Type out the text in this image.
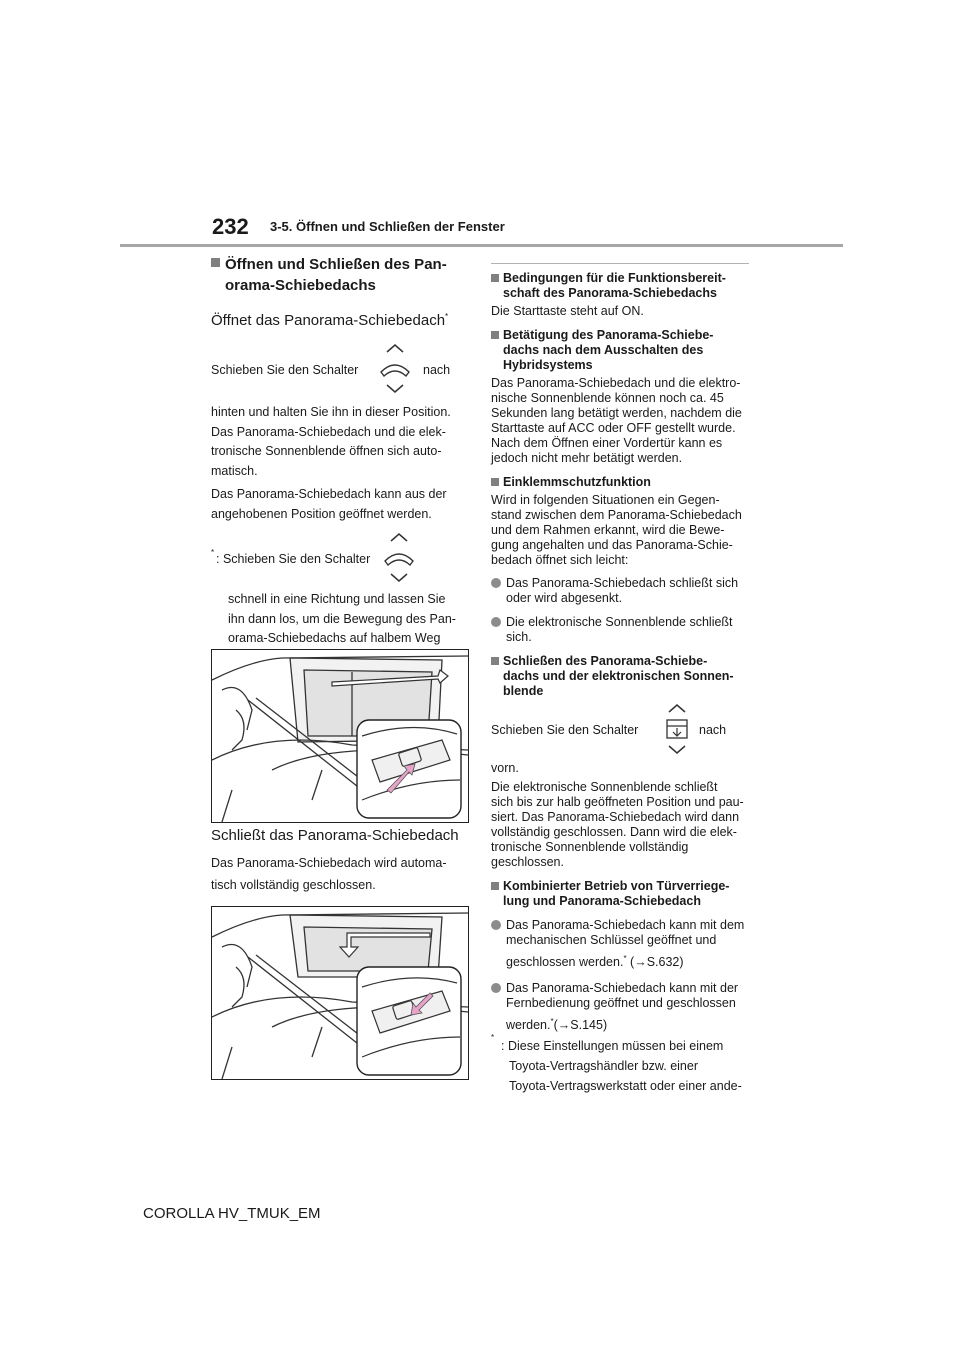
232 3-5. Öffnen und Schließen der Fenster
Öffnen und Schließen des Pan-
orama-Schiebedachs
Öffnet das Panorama-Schiebedach*
Schieben Sie den Schalter	nach

hinten und halten Sie ihn in dieser Position.

Das Panorama-Schiebedach und die elek-

tronische Sonnenblende öffnen sich auto-

matisch.

Das Panorama-Schiebedach kann aus der

angehobenen Position geöffnet werden.

* : Schieben Sie den Schalter

schnell in eine Richtung und lassen Sie

ihn dann los, um die Bewegung des Pan-

orama-Schiebedachs auf halbem Weg

Schließt das Panorama-Schiebedach

Das Panorama-Schiebedach wird automa-

tisch vollständig geschlossen.

Bedingungen für die Funktionsbereit-
schaft des Panorama-Schiebedachs

Die Starttaste steht auf ON.

Betätigung des Panorama-Schiebe-
dachs nach dem Ausschalten des
Hybridsystems

Das Panorama-Schiebedach und die elektro-

nische Sonnenblende können noch ca. 45

Sekunden lang betätigt werden, nachdem die

Starttaste auf ACC oder OFF gestellt wurde.

Nach dem Öffnen einer Vordertür kann es

jedoch nicht mehr betätigt werden.

Einklemmschutzfunktion

Wird in folgenden Situationen ein Gegen-

stand zwischen dem Panorama-Schiebedach

und dem Rahmen erkannt, wird die Bewe-

gung angehalten und das Panorama-Schie-

bedach öffnet sich leicht:

Das Panorama-Schiebedach schließt sich
oder wird abgesenkt.
Die elektronische Sonnenblende schließt
sich.
Schließen des Panorama-Schiebe-
dachs und der elektronischen Sonnen-
blende
Schieben Sie den Schalter	nach

vorn.

Die elektronische Sonnenblende schließt

sich bis zur halb geöffneten Position und pau-

siert. Das Panorama-Schiebedach wird dann

vollständig geschlossen. Dann wird die elek-

tronische Sonnenblende vollständig

geschlossen.

Kombinierter Betrieb von Türverriege-
lung und Panorama-Schiebedach
Das Panorama-Schiebedach kann mit dem
mechanischen Schlüssel geöffnet und
geschlossen werden.* (→S.632)
Das Panorama-Schiebedach kann mit der
Fernbedienung geöffnet und geschlossen
werden.*(→S.145)
*

: Diese Einstellungen müssen bei einem

Toyota-Vertragshändler bzw. einer

Toyota-Vertragswerkstatt oder einer ande-

COROLLA HV_TMUK_EM
